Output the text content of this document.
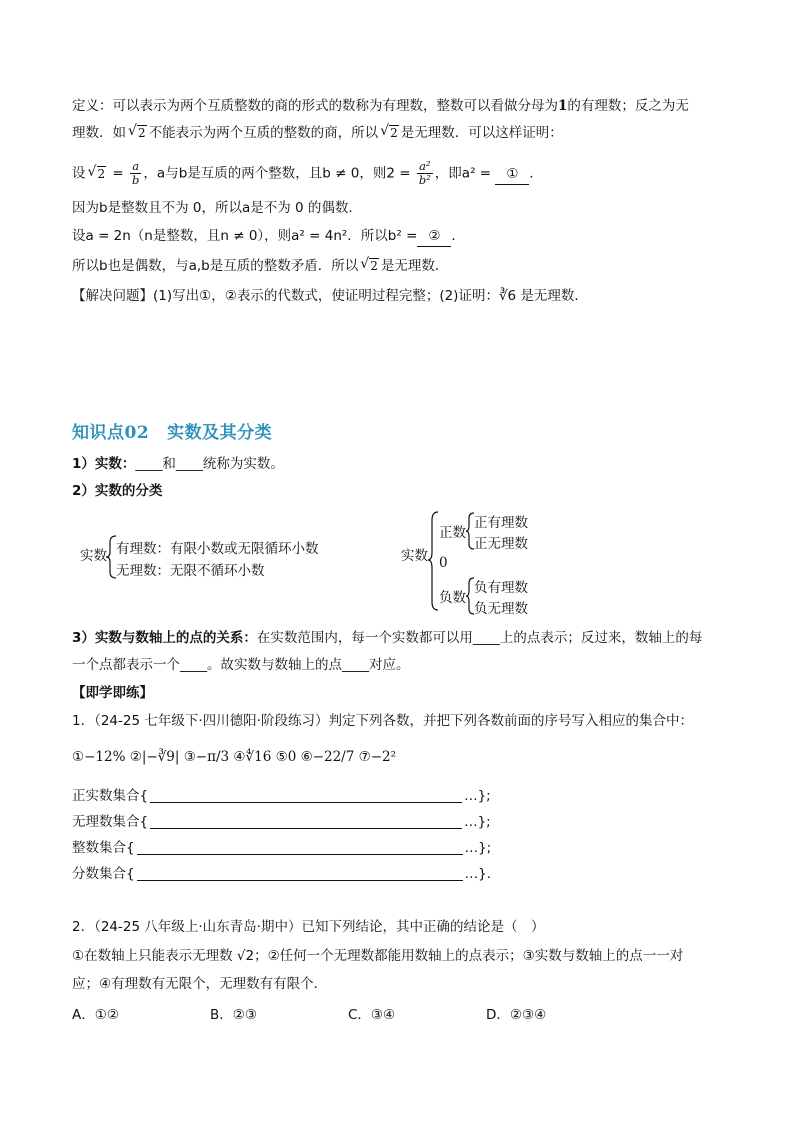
定义：可以表示为两个互质整数的商的形式的数称为有理数，整数可以看做分母为1的有理数；反之为无
理数．如 √ 2 不能表示为两个互质的整数的商，所以 √ 2 是无理数．可以这样证明：
设 √ $2 = \frac{a}{b}$ ，a与b是互质的两个整数，且b ≠ 0，则$2 = \frac{\text{a²}}{\text{b²}}$ ，即a² = ① ．
因为b是整数且不为 0，所以a是不为 0 的偶数．
设a = 2n（n是整数，且n ≠ 0），则a² = 4n²．所以b² = ② ．
所以b也是偶数，与a,b是互质的整数矛盾．所以 √ 2 是无理数．
【解决问题】(1)写出①，②表示的代数式，使证明过程完整；(2)证明：∛6 是无理数．
知识点02 实数及其分类
1）实数：____和____统称为实数。
2）实数的分类
实数 有理数：有限小数或无限循环小数
无理数：无限不循环小数
实数
正数
正有理数
正无理数
0
负数
负有理数
负无理数
3）实数与数轴上的点的关系：在实数范围内，每一个实数都可以用____上的点表示；反过来，数轴上的每
一个点都表示一个____。故实数与数轴上的点____对应。
【即学即练】
1．（24-25 七年级下·四川德阳·阶段练习）判定下列各数，并把下列各数前面的序号写入相应的集合中：
①−12% ②|−∛9| ③−π/3 ④∜16 ⑤0 ⑥−22/7 ⑦−2²
正实数集合{	…};
无理数集合{	…};
整数集合{	…};
分数集合{	…}.
2．（24-25 八年级上·山东青岛·期中）已知下列结论，其中正确的结论是（　）
①在数轴上只能表示无理数 √2；②任何一个无理数都能用数轴上的点表示；③实数与数轴上的点一一对
应；④有理数有无限个，无理数有有限个．
A．①②	B．②③	C．③④	D．②③④
